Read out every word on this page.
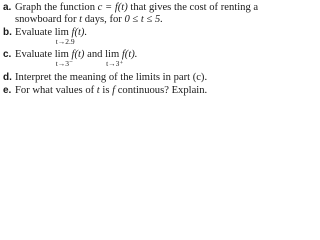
a. Graph the function c = f(t) that gives the cost of renting a
snowboard for t days, for 0 ≤ t ≤ 5.
b. Evaluate lim
t→2.9
f(t).
c. Evaluate lim
t→3⁻
f(t) and lim
t→3⁺
f(t).
d. Interpret the meaning of the limits in part (c).
e. For what values of t is f continuous? Explain.
